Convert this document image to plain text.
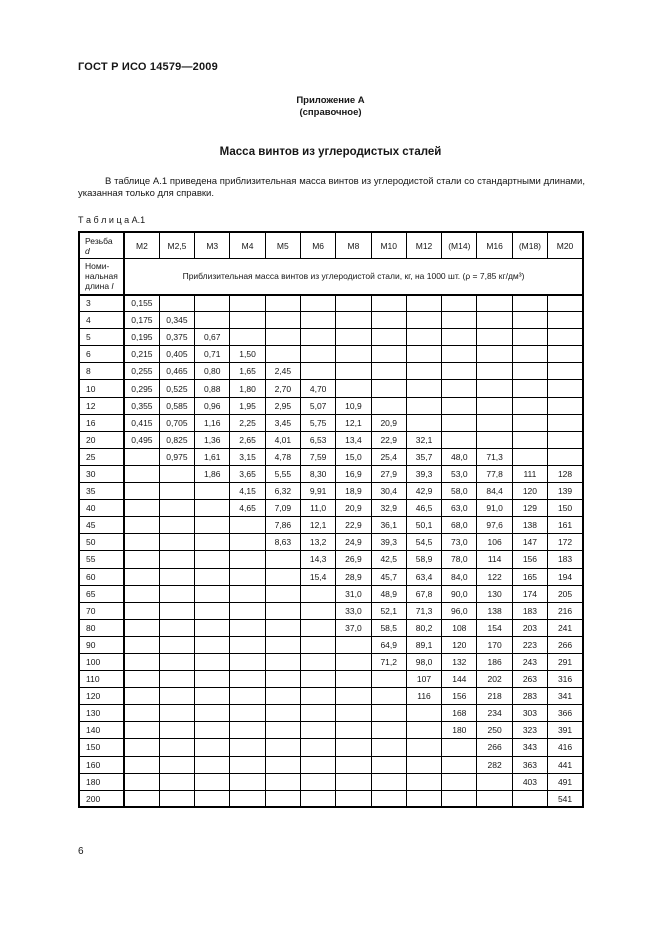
ГОСТ Р ИСО 14579—2009
Приложение А
(справочное)
Масса винтов из углеродистых сталей

В таблице А.1 приведена приблизительная масса винтов из углеродистой стали со стандартными длинами, указанная только для справки.

Т а б л и ц а А.1
Резьба
d	М2	М2,5	М3	М4	М5	М6	М8	М10	М12	(М14)	М16	(М18)	М20
Номи-
нальная
длина l	Приблизительная масса винтов из углеродистой стали, кг, на 1000 шт. (ρ = 7,85 кг/дм³)												
3	0,155												
4	0,175	0,345											
5	0,195	0,375	0,67										
6	0,215	0,405	0,71	1,50									
8	0,255	0,465	0,80	1,65	2,45								
10	0,295	0,525	0,88	1,80	2,70	4,70							
12	0,355	0,585	0,96	1,95	2,95	5,07	10,9						
16	0,415	0,705	1,16	2,25	3,45	5,75	12,1	20,9					
20	0,495	0,825	1,36	2,65	4,01	6,53	13,4	22,9	32,1				
25		0,975	1,61	3,15	4,78	7,59	15,0	25,4	35,7	48,0	71,3		
30			1,86	3,65	5,55	8,30	16,9	27,9	39,3	53,0	77,8	111	128
35				4,15	6,32	9,91	18,9	30,4	42,9	58,0	84,4	120	139
40				4,65	7,09	11,0	20,9	32,9	46,5	63,0	91,0	129	150
45					7,86	12,1	22,9	36,1	50,1	68,0	97,6	138	161
50					8,63	13,2	24,9	39,3	54,5	73,0	106	147	172
55						14,3	26,9	42,5	58,9	78,0	114	156	183
60						15,4	28,9	45,7	63,4	84,0	122	165	194
65							31,0	48,9	67,8	90,0	130	174	205
70							33,0	52,1	71,3	96,0	138	183	216
80							37,0	58,5	80,2	108	154	203	241
90								64,9	89,1	120	170	223	266
100								71,2	98,0	132	186	243	291
110									107	144	202	263	316
120									116	156	218	283	341
130										168	234	303	366
140										180	250	323	391
150											266	343	416
160											282	363	441
180												403	491
200													541
6
